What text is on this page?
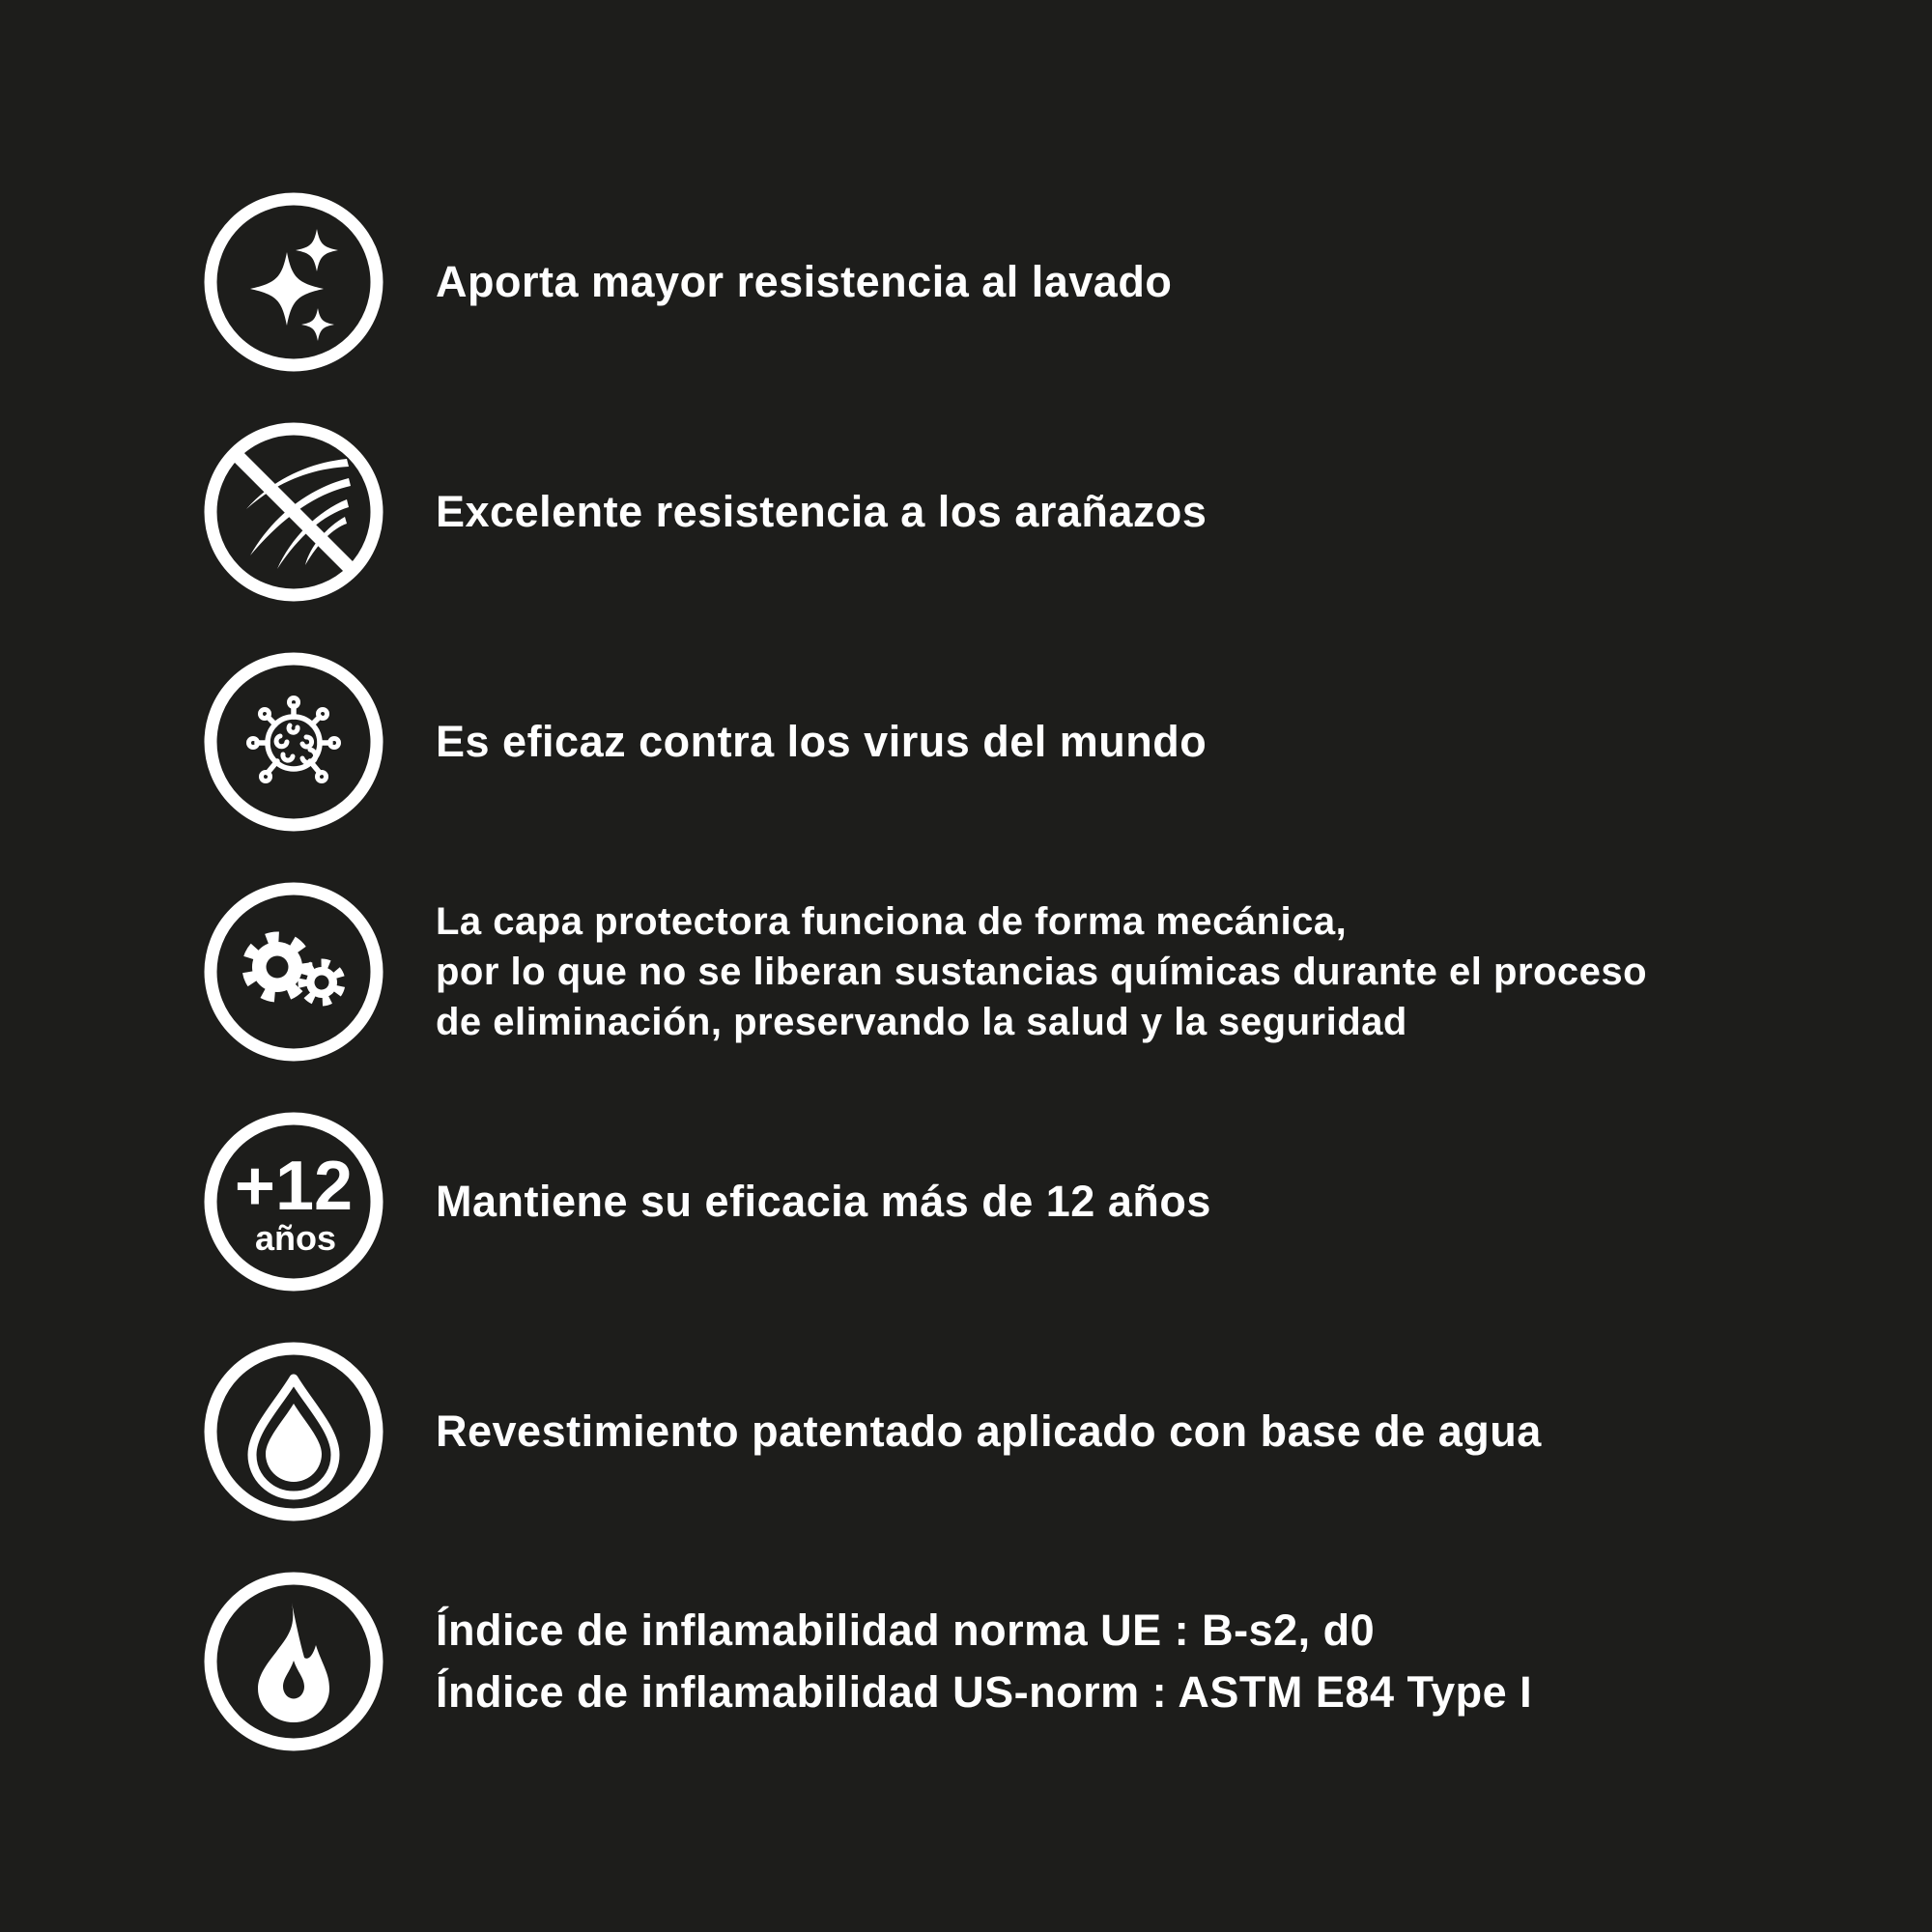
Aporta mayor resistencia al lavado
Excelente resistencia a los arañazos
Es eficaz contra los virus del mundo
La capa protectora funciona de forma mecánica,
por lo que no se liberan sustancias químicas durante el proceso
de eliminación, preservando la salud y la seguridad
+12
años
Mantiene su eficacia más de 12 años
Revestimiento patentado aplicado con base de agua
Índice de inflamabilidad norma UE : B-s2, d0
Índice de inflamabilidad US-norm : ASTM E84 Type I
